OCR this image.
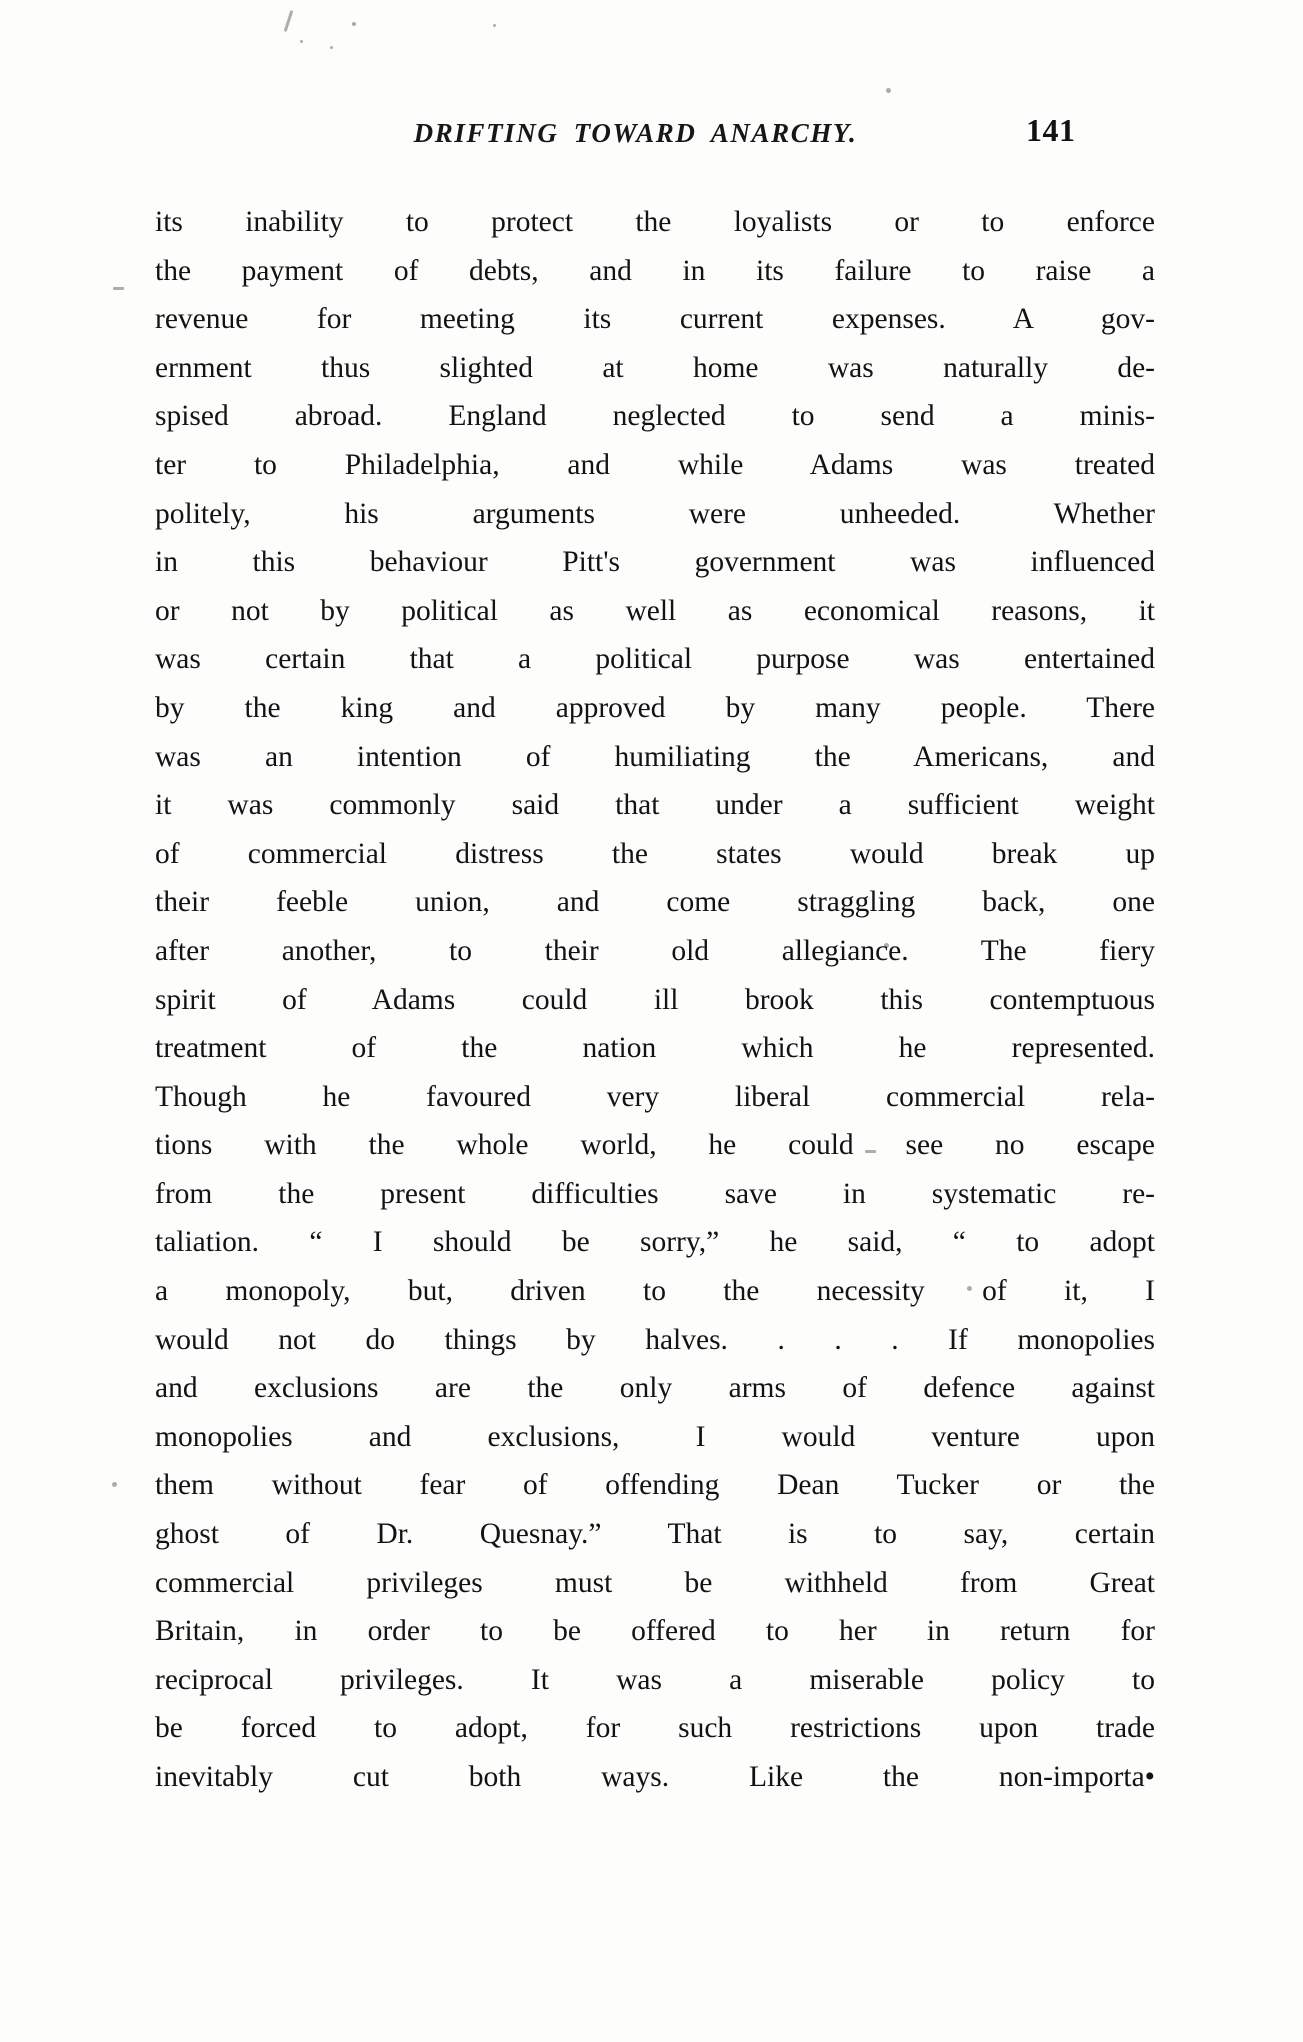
DRIFTING TOWARD ANARCHY.	141
its inability to protect the loyalists or to enforce
the payment of debts, and in its failure to raise a
revenue for meeting its current expenses. A gov-
ernment thus slighted at home was naturally de-
spised abroad. England neglected to send a minis-
ter to Philadelphia, and while Adams was treated
politely, his arguments were unheeded. Whether
in this behaviour Pitt's government was influenced
or not by political as well as economical reasons, it
was certain that a political purpose was entertained
by the king and approved by many people. There
was an intention of humiliating the Americans, and
it was commonly said that under a sufficient weight
of commercial distress the states would break up
their feeble union, and come straggling back, one
after another, to their old allegiance. The fiery
spirit of Adams could ill brook this contemptuous
treatment of the nation which he represented.
Though he favoured very liberal commercial rela-
tions with the whole world, he could see no escape
from the present difficulties save in systematic re-
taliation. “ I should be sorry,” he said, “ to adopt
a monopoly, but, driven to the necessity of it, I
would not do things by halves. . . . If monopolies
and exclusions are the only arms of defence against
monopolies and exclusions, I would venture upon
them without fear of offending Dean Tucker or the
ghost of Dr. Quesnay.” That is to say, certain
commercial privileges must be withheld from Great
Britain, in order to be offered to her in return for
reciprocal privileges. It was a miserable policy to
be forced to adopt, for such restrictions upon trade
inevitably cut both ways. Like the non-importa•
